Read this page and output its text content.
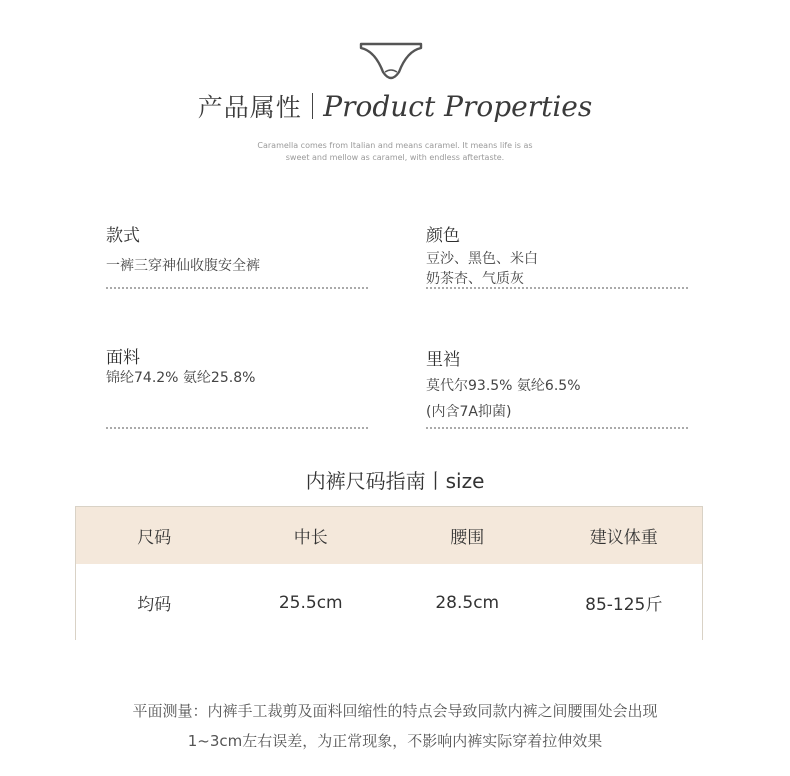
产品属性 Product Properties
Caramella comes from Italian and means caramel. It means life is as
sweet and mellow as caramel, with endless aftertaste.
款式
一裤三穿神仙收腹安全裤
颜色
豆沙、黑色、米白
奶茶杏、气质灰
面料
锦纶74.2% 氨纶25.8%
里裆
莫代尔93.5% 氨纶6.5%
(内含7A抑菌)
内裤尺码指南丨size
尺码	中长	腰围	建议体重
均码	25.5cm	28.5cm	85-125斤
平面测量：内裤手工裁剪及面料回缩性的特点会导致同款内裤之间腰围处会出现
1~3cm左右误差，为正常现象，不影响内裤实际穿着拉伸效果
